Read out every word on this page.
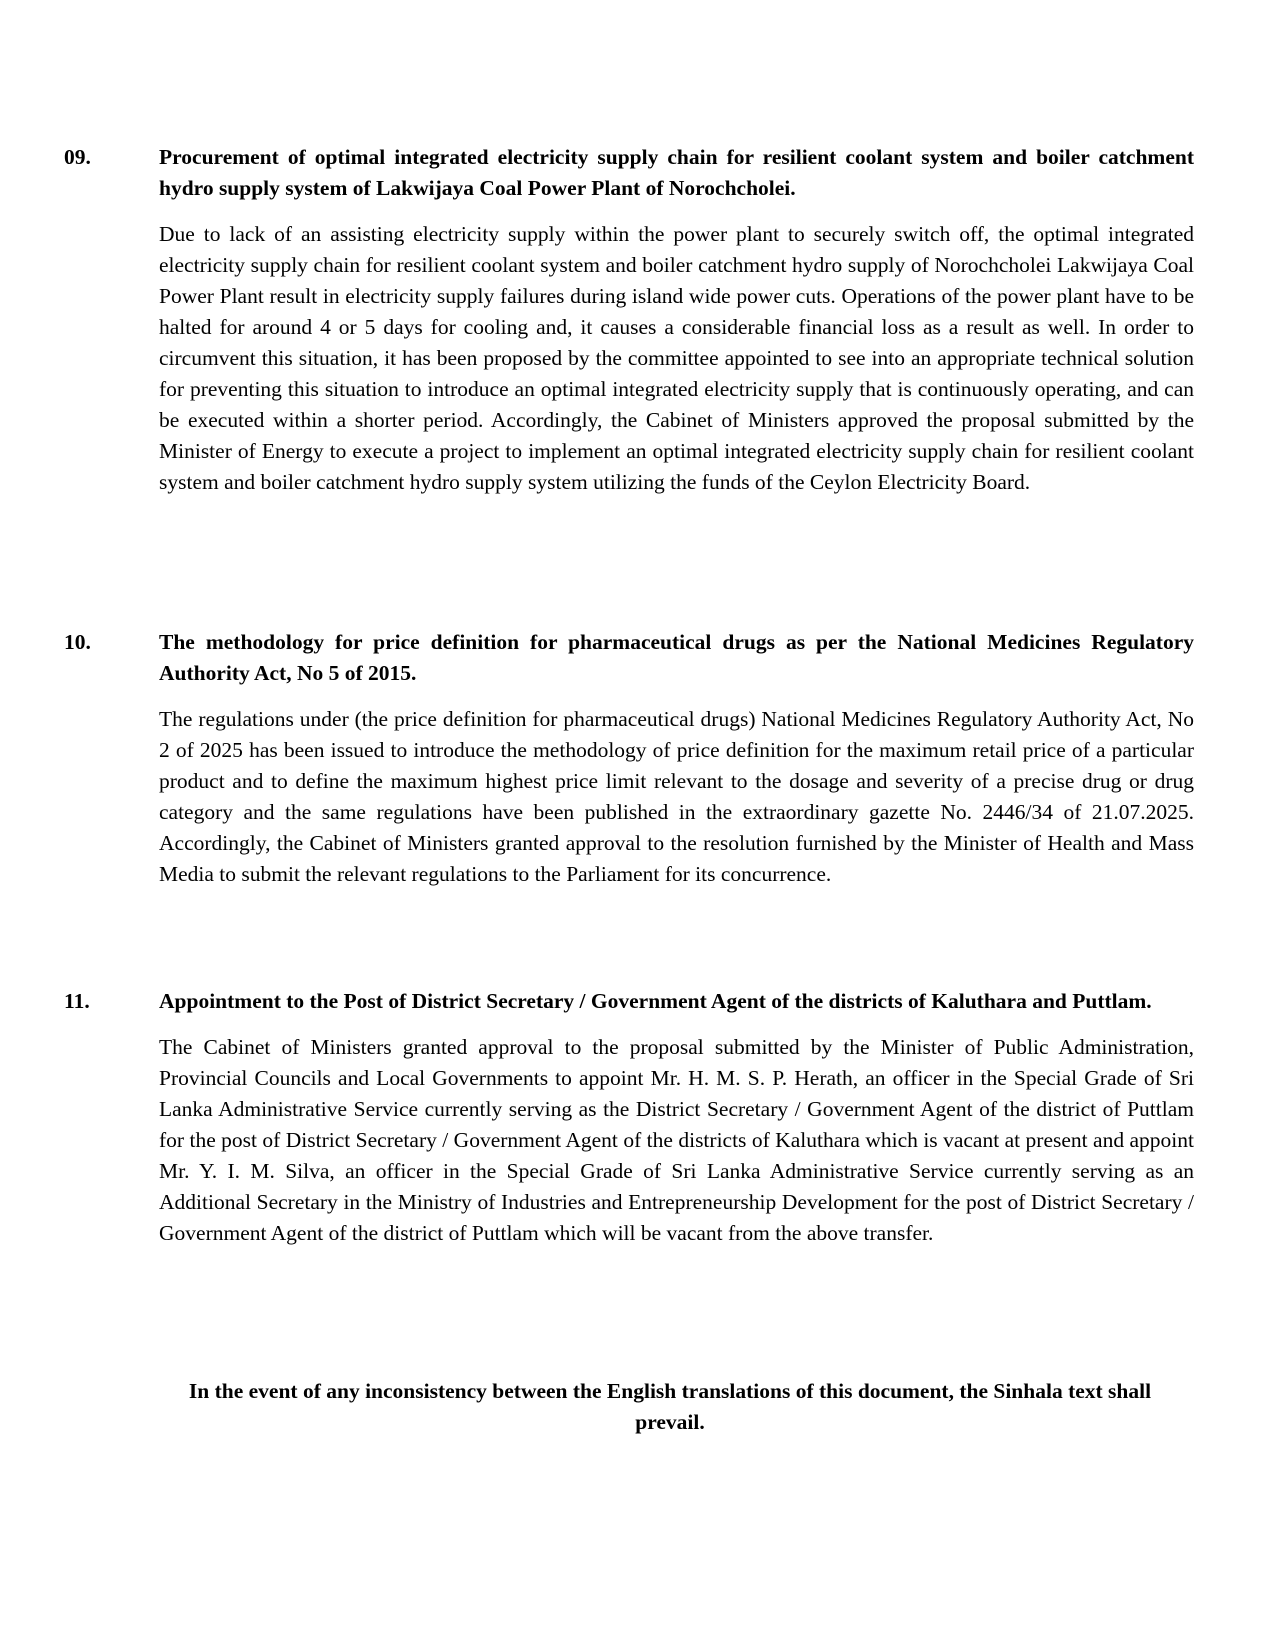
09.	Procurement of optimal integrated electricity supply chain for resilient coolant system and boiler catchment hydro supply system of Lakwijaya Coal Power Plant of Norochcholei.

Due to lack of an assisting electricity supply within the power plant to securely switch off, the optimal integrated electricity supply chain for resilient coolant system and boiler catchment hydro supply of Norochcholei Lakwijaya Coal Power Plant result in electricity supply failures during island wide power cuts. Operations of the power plant have to be halted for around 4 or 5 days for cooling and, it causes a considerable financial loss as a result as well. In order to circumvent this situation, it has been proposed by the committee appointed to see into an appropriate technical solution for preventing this situation to introduce an optimal integrated electricity supply that is continuously operating, and can be executed within a shorter period. Accordingly, the Cabinet of Ministers approved the proposal submitted by the Minister of Energy to execute a project to implement an optimal integrated electricity supply chain for resilient coolant system and boiler catchment hydro supply system utilizing the funds of the Ceylon Electricity Board.

10.	The methodology for price definition for pharmaceutical drugs as per the National Medicines Regulatory Authority Act, No 5 of 2015.

The regulations under (the price definition for pharmaceutical drugs) National Medicines Regulatory Authority Act, No 2 of 2025 has been issued to introduce the methodology of price definition for the maximum retail price of a particular product and to define the maximum highest price limit relevant to the dosage and severity of a precise drug or drug category and the same regulations have been published in the extraordinary gazette No. 2446/34 of 21.07.2025. Accordingly, the Cabinet of Ministers granted approval to the resolution furnished by the Minister of Health and Mass Media to submit the relevant regulations to the Parliament for its concurrence.

11.	Appointment to the Post of District Secretary / Government Agent of the districts of Kaluthara and Puttlam.

The Cabinet of Ministers granted approval to the proposal submitted by the Minister of Public Administration, Provincial Councils and Local Governments to appoint Mr. H. M. S. P. Herath, an officer in the Special Grade of Sri Lanka Administrative Service currently serving as the District Secretary / Government Agent of the district of Puttlam for the post of District Secretary / Government Agent of the districts of Kaluthara which is vacant at present and appoint Mr. Y. I. M. Silva, an officer in the Special Grade of Sri Lanka Administrative Service currently serving as an Additional Secretary in the Ministry of Industries and Entrepreneurship Development for the post of District Secretary / Government Agent of the district of Puttlam which will be vacant from the above transfer.

In the event of any inconsistency between the English translations of this document, the Sinhala text shall prevail.
